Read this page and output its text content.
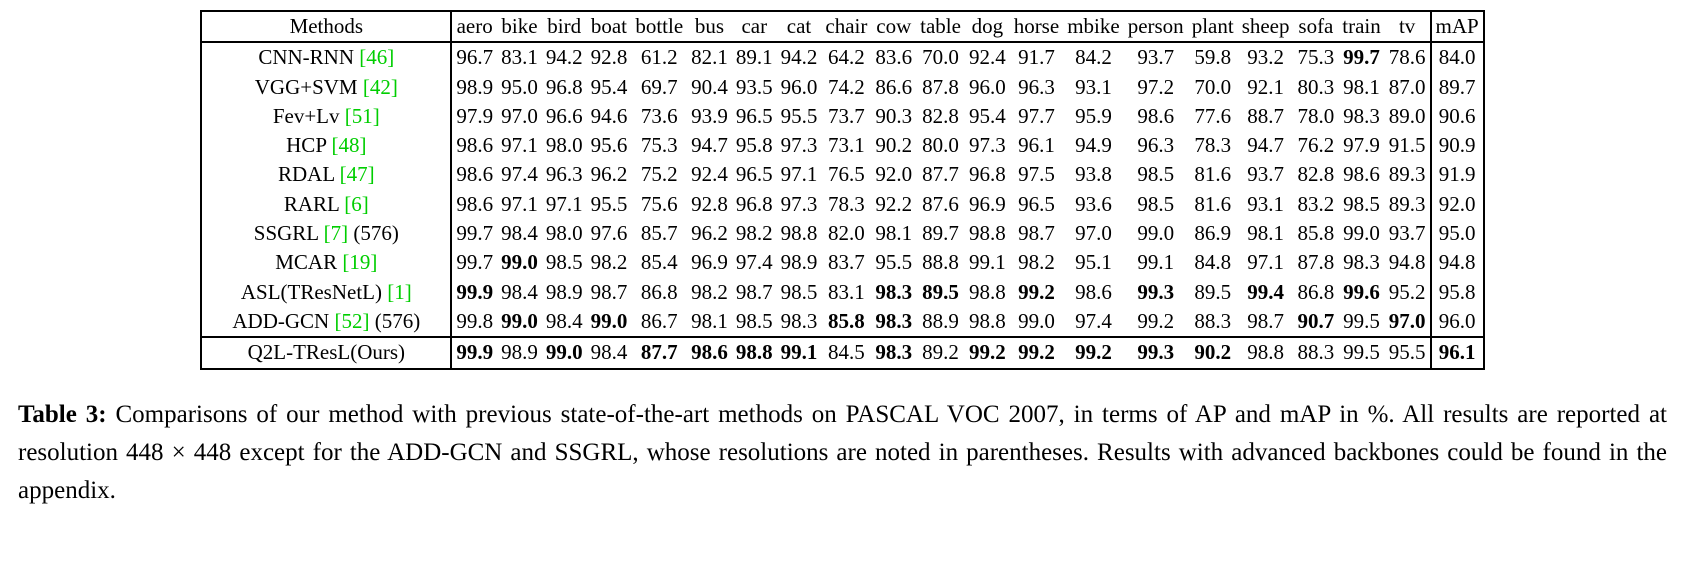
Methods	aero	bike	bird	boat	bottle	bus	car	cat	chair	cow	table	dog	horse	mbike	person	plant	sheep	sofa	train	tv	mAP
CNN-RNN [46]	96.7	83.1	94.2	92.8	61.2	82.1	89.1	94.2	64.2	83.6	70.0	92.4	91.7	84.2	93.7	59.8	93.2	75.3	99.7	78.6	84.0
VGG+SVM [42]	98.9	95.0	96.8	95.4	69.7	90.4	93.5	96.0	74.2	86.6	87.8	96.0	96.3	93.1	97.2	70.0	92.1	80.3	98.1	87.0	89.7
Fev+Lv [51]	97.9	97.0	96.6	94.6	73.6	93.9	96.5	95.5	73.7	90.3	82.8	95.4	97.7	95.9	98.6	77.6	88.7	78.0	98.3	89.0	90.6
HCP [48]	98.6	97.1	98.0	95.6	75.3	94.7	95.8	97.3	73.1	90.2	80.0	97.3	96.1	94.9	96.3	78.3	94.7	76.2	97.9	91.5	90.9
RDAL [47]	98.6	97.4	96.3	96.2	75.2	92.4	96.5	97.1	76.5	92.0	87.7	96.8	97.5	93.8	98.5	81.6	93.7	82.8	98.6	89.3	91.9
RARL [6]	98.6	97.1	97.1	95.5	75.6	92.8	96.8	97.3	78.3	92.2	87.6	96.9	96.5	93.6	98.5	81.6	93.1	83.2	98.5	89.3	92.0
SSGRL [7] (576)	99.7	98.4	98.0	97.6	85.7	96.2	98.2	98.8	82.0	98.1	89.7	98.8	98.7	97.0	99.0	86.9	98.1	85.8	99.0	93.7	95.0
MCAR [19]	99.7	99.0	98.5	98.2	85.4	96.9	97.4	98.9	83.7	95.5	88.8	99.1	98.2	95.1	99.1	84.8	97.1	87.8	98.3	94.8	94.8
ASL(TResNetL) [1]	99.9	98.4	98.9	98.7	86.8	98.2	98.7	98.5	83.1	98.3	89.5	98.8	99.2	98.6	99.3	89.5	99.4	86.8	99.6	95.2	95.8
ADD-GCN [52] (576)	99.8	99.0	98.4	99.0	86.7	98.1	98.5	98.3	85.8	98.3	88.9	98.8	99.0	97.4	99.2	88.3	98.7	90.7	99.5	97.0	96.0
Q2L-TResL(Ours)	99.9	98.9	99.0	98.4	87.7	98.6	98.8	99.1	84.5	98.3	89.2	99.2	99.2	99.2	99.3	90.2	98.8	88.3	99.5	95.5	96.1
Table 3: Comparisons of our method with previous state-of-the-art methods on PASCAL VOC 2007, in terms of AP and mAP in %. All results are reported at resolution 448 × 448 except for the ADD-GCN and SSGRL, whose resolutions are noted in parentheses. Results with advanced backbones could be found in the appendix.
